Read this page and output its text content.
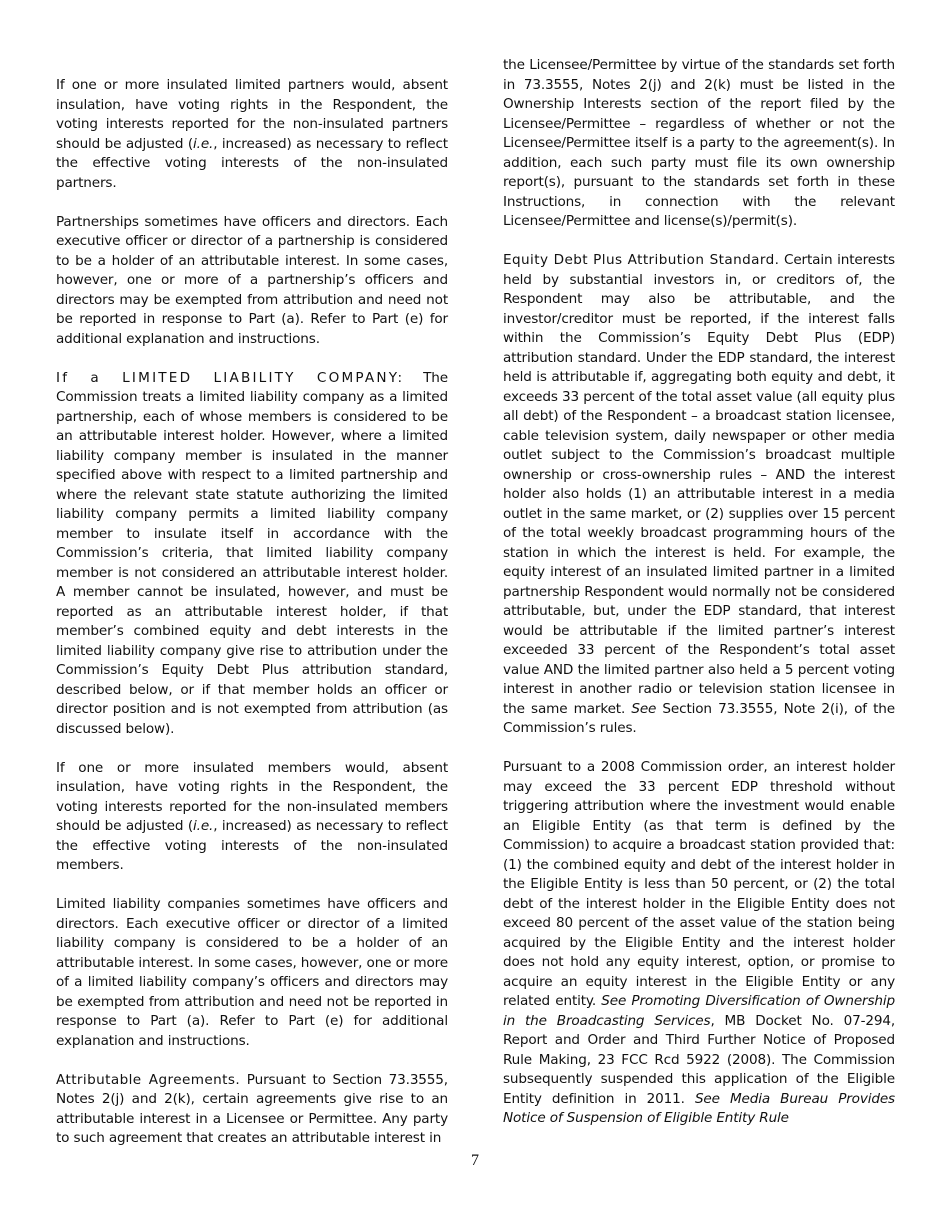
If one or more insulated limited partners would, absent insulation, have voting rights in the Respondent, the voting interests reported for the non-insulated partners should be adjusted (i.e., increased) as necessary to reflect the effective voting interests of the non-insulated partners.

Partnerships sometimes have officers and directors. Each executive officer or director of a partnership is considered to be a holder of an attributable interest. In some cases, however, one or more of a partnership’s officers and directors may be exempted from attribution and need not be reported in response to Part (a). Refer to Part (e) for additional explanation and instructions.

If a LIMITED LIABILITY COMPANY: The Commission treats a limited liability company as a limited partnership, each of whose members is considered to be an attributable interest holder. However, where a limited liability company member is insulated in the manner specified above with respect to a limited partnership and where the relevant state statute authorizing the limited liability company permits a limited liability company member to insulate itself in accordance with the Commission’s criteria, that limited liability company member is not considered an attributable interest holder. A member cannot be insulated, however, and must be reported as an attributable interest holder, if that member’s combined equity and debt interests in the limited liability company give rise to attribution under the Commission’s Equity Debt Plus attribution standard, described below, or if that member holds an officer or director position and is not exempted from attribution (as discussed below).

If one or more insulated members would, absent insulation, have voting rights in the Respondent, the voting interests reported for the non-insulated members should be adjusted (i.e., increased) as necessary to reflect the effective voting interests of the non-insulated members.

Limited liability companies sometimes have officers and directors. Each executive officer or director of a limited liability company is considered to be a holder of an attributable interest. In some cases, however, one or more of a limited liability company’s officers and directors may be exempted from attribution and need not be reported in response to Part (a). Refer to Part (e) for additional explanation and instructions.

Attributable Agreements. Pursuant to Section 73.3555, Notes 2(j) and 2(k), certain agreements give rise to an attributable interest in a Licensee or Permittee. Any party to such agreement that creates an attributable interest in

the Licensee/Permittee by virtue of the standards set forth in 73.3555, Notes 2(j) and 2(k) must be listed in the Ownership Interests section of the report filed by the Licensee/Permittee – regardless of whether or not the Licensee/Permittee itself is a party to the agreement(s). In addition, each such party must file its own ownership report(s), pursuant to the standards set forth in these Instructions, in connection with the relevant Licensee/Permittee and license(s)/permit(s).

Equity Debt Plus Attribution Standard. Certain interests held by substantial investors in, or creditors of, the Respondent may also be attributable, and the investor/creditor must be reported, if the interest falls within the Commission’s Equity Debt Plus (EDP) attribution standard. Under the EDP standard, the interest held is attributable if, aggregating both equity and debt, it exceeds 33 percent of the total asset value (all equity plus all debt) of the Respondent – a broadcast station licensee, cable television system, daily newspaper or other media outlet subject to the Commission’s broadcast multiple ownership or cross-ownership rules – AND the interest holder also holds (1) an attributable interest in a media outlet in the same market, or (2) supplies over 15 percent of the total weekly broadcast programming hours of the station in which the interest is held. For example, the equity interest of an insulated limited partner in a limited partnership Respondent would normally not be considered attributable, but, under the EDP standard, that interest would be attributable if the limited partner’s interest exceeded 33 percent of the Respondent’s total asset value AND the limited partner also held a 5 percent voting interest in another radio or television station licensee in the same market. See Section 73.3555, Note 2(i), of the Commission’s rules.

Pursuant to a 2008 Commission order, an interest holder may exceed the 33 percent EDP threshold without triggering attribution where the investment would enable an Eligible Entity (as that term is defined by the Commission) to acquire a broadcast station provided that: (1) the combined equity and debt of the interest holder in the Eligible Entity is less than 50 percent, or (2) the total debt of the interest holder in the Eligible Entity does not exceed 80 percent of the asset value of the station being acquired by the Eligible Entity and the interest holder does not hold any equity interest, option, or promise to acquire an equity interest in the Eligible Entity or any related entity. See Promoting Diversification of Ownership in the Broadcasting Services, MB Docket No. 07-294, Report and Order and Third Further Notice of Proposed Rule Making, 23 FCC Rcd 5922 (2008). The Commission subsequently suspended this application of the Eligible Entity definition in 2011. See Media Bureau Provides Notice of Suspension of Eligible Entity Rule

7
